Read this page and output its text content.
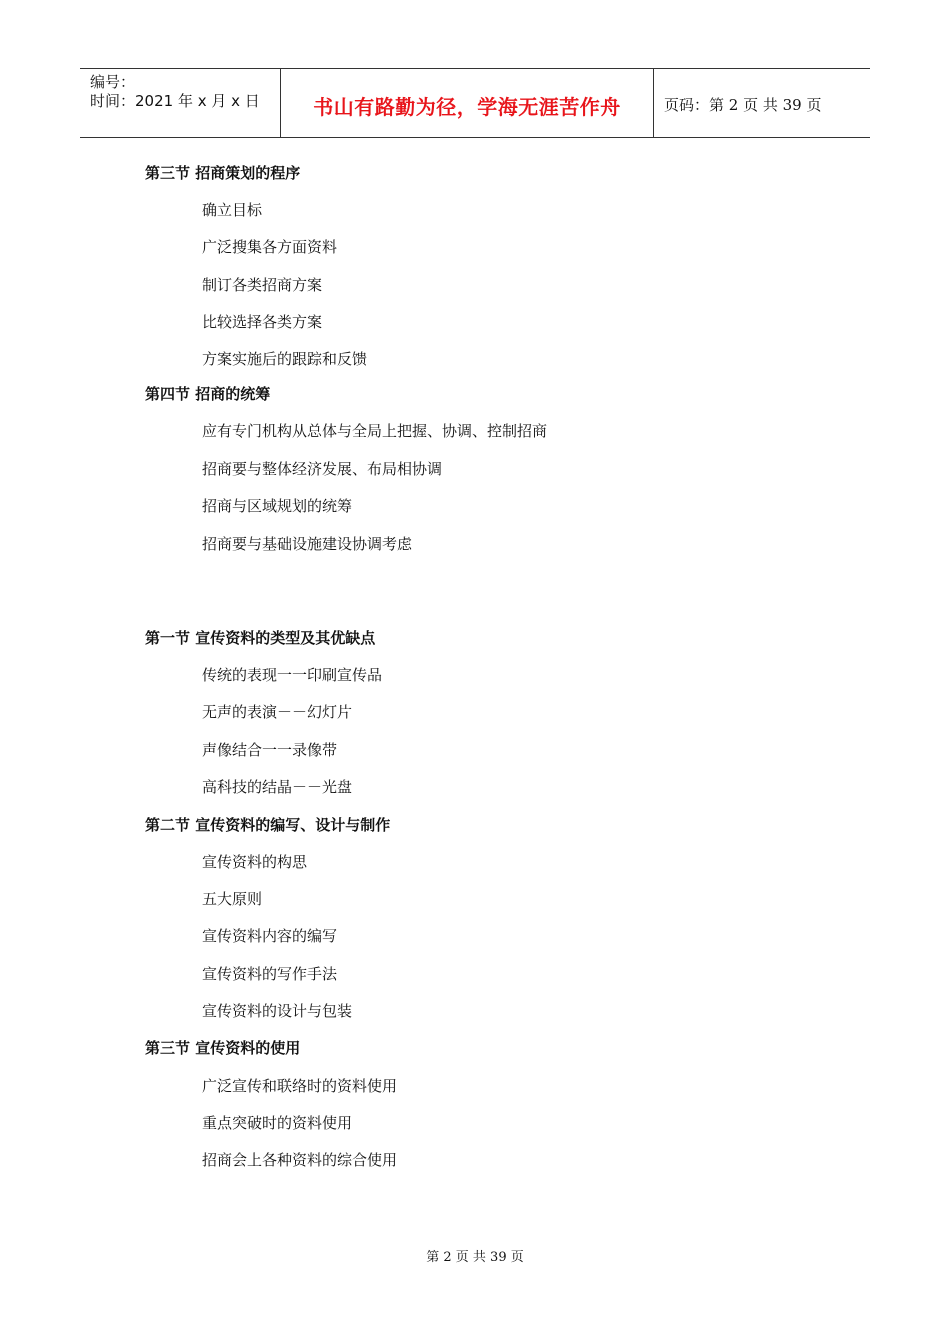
编号：
时间：2021 年 x 月 x 日	书山有路勤为径，学海无涯苦作舟	页码：第 2 页 共 39 页
第三节 招商策划的程序
确立目标
广泛搜集各方面资料
制订各类招商方案
比较选择各类方案
方案实施后的跟踪和反馈
第四节 招商的统筹
应有专门机构从总体与全局上把握、协调、控制招商
招商要与整体经济发展、布局相协调
招商与区域规划的统筹
招商要与基础设施建设协调考虑
第一节 宣传资料的类型及其优缺点
传统的表现一一印刷宣传品
无声的表演－－幻灯片
声像结合一一录像带
高科技的结晶－－光盘
第二节 宣传资料的编写、设计与制作
宣传资料的构思
五大原则
宣传资料内容的编写
宣传资料的写作手法
宣传资料的设计与包装
第三节 宣传资料的使用
广泛宣传和联络时的资料使用
重点突破时的资料使用
招商会上各种资料的综合使用
第 2 页 共 39 页
